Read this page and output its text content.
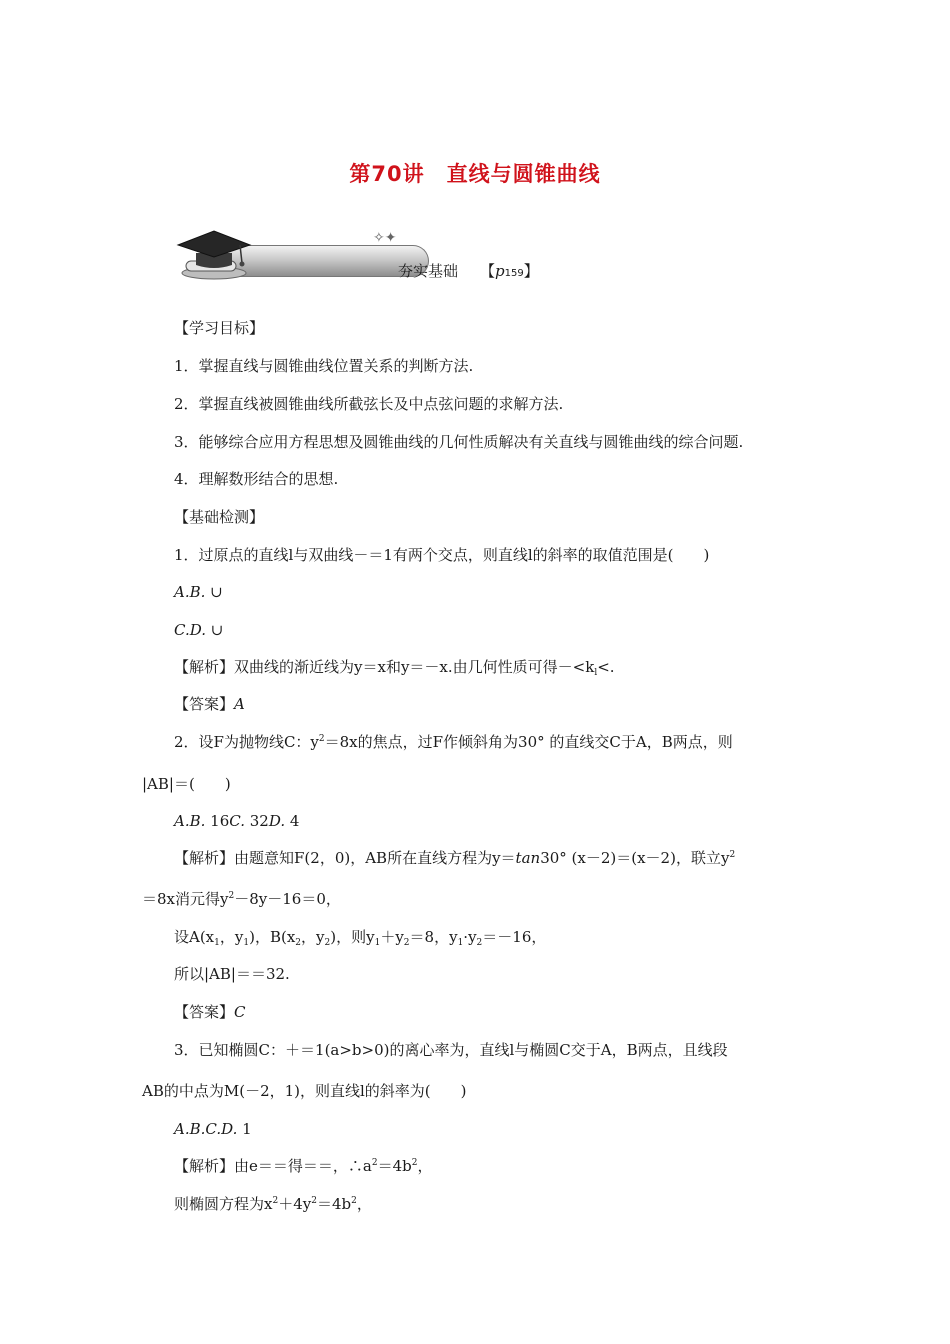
第70讲 直线与圆锥曲线
✧✦
夯实基础 【p159】
【学习目标】
1．掌握直线与圆锥曲线位置关系的判断方法.
2．掌握直线被圆锥曲线所截弦长及中点弦问题的求解方法.
3．能够综合应用方程思想及圆锥曲线的几何性质解决有关直线与圆锥曲线的综合问题.
4．理解数形结合的思想.
【基础检测】
1．过原点的直线l与双曲线－＝1有两个交点，则直线l的斜率的取值范围是(　　)
A.B. ∪
C.D. ∪
【解析】双曲线的渐近线为y＝x和y＝－x.由几何性质可得$-<k_l<$.
【答案】A
2．设F为抛物线C：$y^2=8x$的焦点，过F作倾斜角为30° 的直线交C于A，B两点，则
|AB|＝(　　)
A.B. 16C. 32D. 4
【解析】由题意知F(2，0)，AB所在直线方程为y＝tan30° (x－2)＝(x－2)，联立$y^2$
＝8x消元得$y^2-8y-16=0$，
设$A(x_1$，$y_1$)，$B(x_2$，$y_2$)，则$y_1+y_2=8$，$y_1\cdot y_2=-16$，
所以|AB|＝＝32.
【答案】C
3．已知椭圆C：＋＝1(a>b>0)的离心率为，直线l与椭圆C交于A，B两点，且线段
AB的中点为M(－2，1)，则直线l的斜率为(　　)
A.B.C.D. 1
【解析】由e＝＝得＝＝，$\therefore a^2=4b^2$，
则椭圆方程为$x^2+4y^2=4b^2$，
